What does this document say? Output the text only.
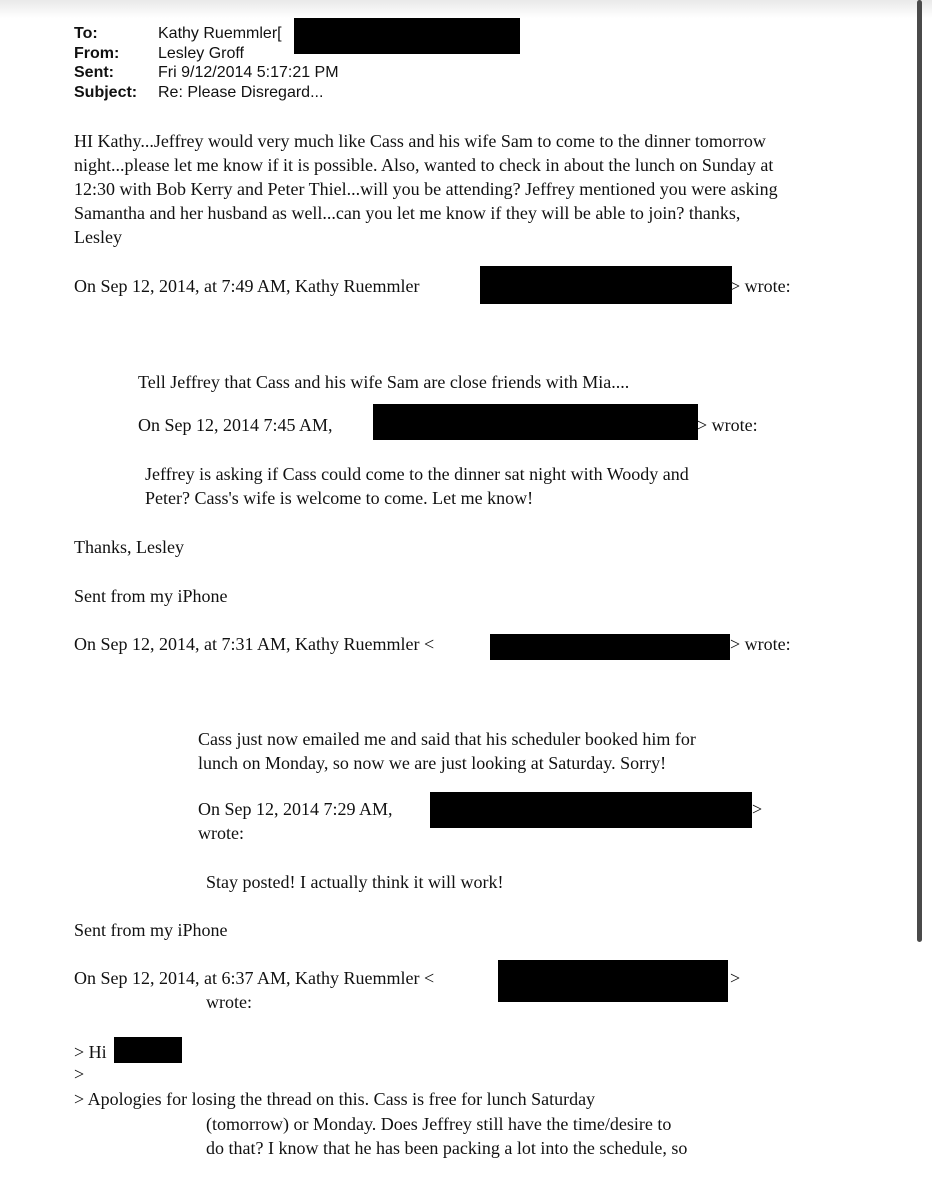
To:	Kathy Ruemmler[
From:	Lesley Groff
Sent:	Fri 9/12/2014 5:17:21 PM
Subject:	Re: Please Disregard...
HI Kathy...Jeffrey would very much like Cass and his wife Sam to come to the dinner tomorrow
night...please let me know if it is possible. Also, wanted to check in about the lunch on Sunday at
12:30 with Bob Kerry and Peter Thiel...will you be attending? Jeffrey mentioned you were asking
Samantha and her husband as well...can you let me know if they will be able to join? thanks,
Lesley
On Sep 12, 2014, at 7:49 AM, Kathy Ruemmler	> wrote:
Tell Jeffrey that Cass and his wife Sam are close friends with Mia....
On Sep 12, 2014 7:45 AM,	> wrote:
Jeffrey is asking if Cass could come to the dinner sat night with Woody and
Peter? Cass's wife is welcome to come. Let me know!
Thanks, Lesley
Sent from my iPhone
On Sep 12, 2014, at 7:31 AM, Kathy Ruemmler <	> wrote:
Cass just now emailed me and said that his scheduler booked him for
lunch on Monday, so now we are just looking at Saturday. Sorry!
On Sep 12, 2014 7:29 AM,	>
wrote:
Stay posted! I actually think it will work!
Sent from my iPhone
On Sep 12, 2014, at 6:37 AM, Kathy Ruemmler <	>
wrote:
> Hi
>
> Apologies for losing the thread on this. Cass is free for lunch Saturday
(tomorrow) or Monday. Does Jeffrey still have the time/desire to
do that? I know that he has been packing a lot into the schedule, so
